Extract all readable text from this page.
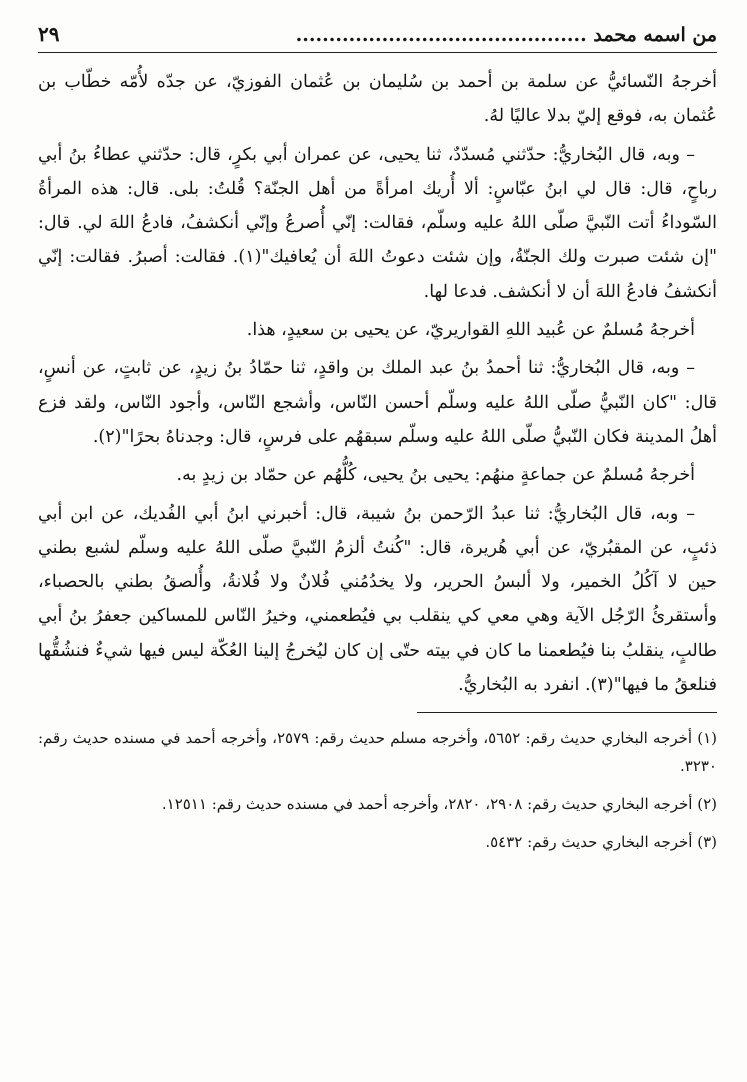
من اسمه محمد ............................................
٢٩

أخرجهُ النّسائيُّ عن سلمة بن أحمد بن سُليمان بن عُثمان الفوزيّ، عن جدّه لأُمّه خطّاب بن عُثمان به، فوقع إليّ بدلا عاليًا لهُ.

– وبه، قال البُخاريُّ: حدّثني مُسدّدٌ، ثنا يحيى، عن عمران أبي بكرٍ، قال: حدّثني عطاءُ بنُ أبي رباحٍ، قال: قال لي ابنُ عبّاسٍ: ألا أُريك امرأةً من أهل الجنّة؟ قُلتُ: بلى. قال: هذه المرأةُ السّوداءُ أتت النّبيَّ صلّى اللهُ عليه وسلّم، فقالت: إنّي أُصرعُ وإنّي أنكشفُ، فادعُ اللهَ لي. قال: "إن شئت صبرت ولك الجنّةُ، وإن شئت دعوتُ اللهَ أن يُعافيك"(١). فقالت: أصبرُ. فقالت: إنّي أنكشفُ فادعُ اللهَ أن لا أنكشف. فدعا لها.

أخرجهُ مُسلمٌ عن عُبيد اللهِ القواريريّ، عن يحيى بن سعيدٍ، هذا.

– وبه، قال البُخاريُّ: ثنا أحمدُ بنُ عبد الملك بن واقدٍ، ثنا حمّادُ بنُ زيدٍ، عن ثابتٍ، عن أنسٍ، قال: "كان النّبيُّ صلّى اللهُ عليه وسلّم أحسن النّاس، وأشجع النّاس، وأجود النّاس، ولقد فزع أهلُ المدينة فكان النّبيُّ صلّى اللهُ عليه وسلّم سبقهُم على فرسٍ، قال: وجدناهُ بحرًا"(٢).

أخرجهُ مُسلمٌ عن جماعةٍ منهُم: يحيى بنُ يحيى، كُلُّهُم عن حمّاد بن زيدٍ به.

– وبه، قال البُخاريُّ: ثنا عبدُ الرّحمن بنُ شيبة، قال: أخبرني ابنُ أبي الفُديك، عن ابن أبي ذئبٍ، عن المقبُريّ، عن أبي هُريرة، قال: "كُنتُ ألزمُ النّبيَّ صلّى اللهُ عليه وسلّم لشبع بطني حين لا آكُلُ الخمير، ولا ألبسُ الحرير، ولا يخدُمُني فُلانٌ ولا فُلانةُ، وأُلصقُ بطني بالحصباء، وأستقرئُ الرّجُل الآية وهي معي كي ينقلب بي فيُطعمني، وخيرُ النّاس للمساكين جعفرُ بنُ أبي طالبٍ، ينقلبُ بنا فيُطعمنا ما كان في بيته حتّى إن كان ليُخرجُ إلينا العُكّة ليس فيها شيءٌ فنشُقُّها فنلعقُ ما فيها"(٣). انفرد به البُخاريُّ.

(١) أخرجه البخاري حديث رقم: ٥٦٥٢، وأخرجه مسلم حديث رقم: ٢٥٧٩، وأخرجه أحمد في مسنده حديث رقم: ٣٢٣٠.

(٢) أخرجه البخاري حديث رقم: ٢٩٠٨، ٢٨٢٠، وأخرجه أحمد في مسنده حديث رقم: ١٢٥١١.

(٣) أخرجه البخاري حديث رقم: ٥٤٣٢.
